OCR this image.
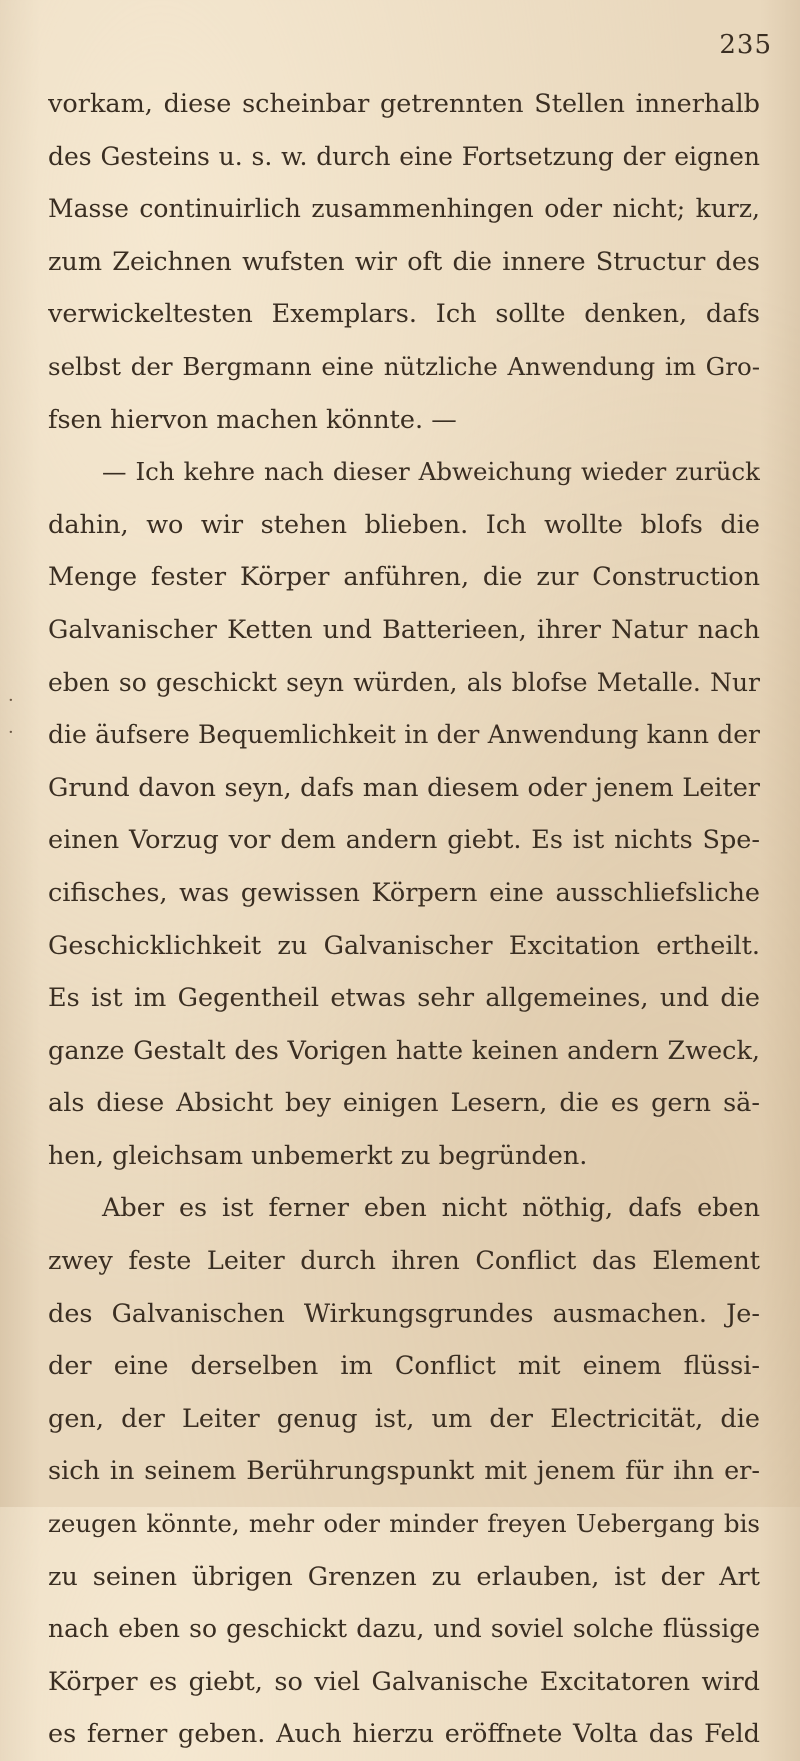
235
·
·
vorkam, diese scheinbar getrennten Stellen innerhalb
des Gesteins u. s. w. durch eine Fortsetzung der eignen
Masse continuirlich zusammenhingen oder nicht; kurz,
zum Zeichnen wufsten wir oft die innere Structur des
verwickeltesten Exemplars. Ich sollte denken, dafs
selbst der Bergmann eine nützliche Anwendung im Gro-
fsen hiervon machen könnte. —
— Ich kehre nach dieser Abweichung wieder zurück
dahin, wo wir stehen blieben. Ich wollte blofs die
Menge fester Körper anführen, die zur Construction
Galvanischer Ketten und Batterieen, ihrer Natur nach
eben so geschickt seyn würden, als blofse Metalle. Nur
die äufsere Bequemlichkeit in der Anwendung kann der
Grund davon seyn, dafs man diesem oder jenem Leiter
einen Vorzug vor dem andern giebt. Es ist nichts Spe-
cifisches, was gewissen Körpern eine ausschliefsliche
Geschicklichkeit zu Galvanischer Excitation ertheilt.
Es ist im Gegentheil etwas sehr allgemeines, und die
ganze Gestalt des Vorigen hatte keinen andern Zweck,
als diese Absicht bey einigen Lesern, die es gern sä-
hen, gleichsam unbemerkt zu begründen.
Aber es ist ferner eben nicht nöthig, dafs eben
zwey feste Leiter durch ihren Conflict das Element
des Galvanischen Wirkungsgrundes ausmachen. Je-
der eine derselben im Conflict mit einem flüssi-
gen, der Leiter genug ist, um der Electricität, die
sich in seinem Berührungspunkt mit jenem für ihn er-
zeugen könnte, mehr oder minder freyen Uebergang bis
zu seinen übrigen Grenzen zu erlauben, ist der Art
nach eben so geschickt dazu, und soviel solche flüssige
Körper es giebt, so viel Galvanische Excitatoren wird
es ferner geben. Auch hierzu eröffnete Volta das Feld
